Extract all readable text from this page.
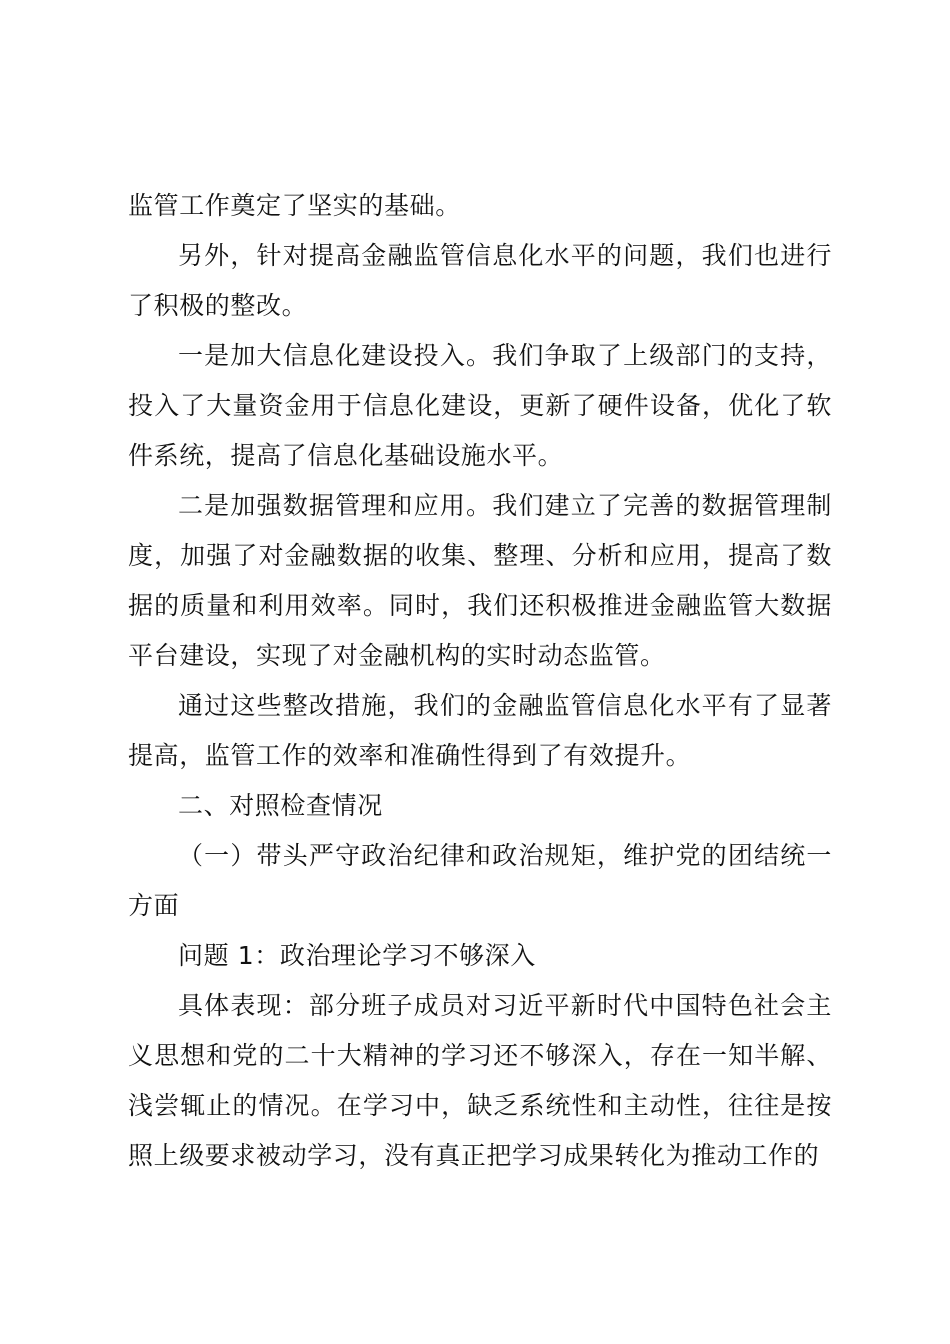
监管工作奠定了坚实的基础。

另外，针对提高金融监管信息化水平的问题，我们也进行了积极的整改。

一是加大信息化建设投入。我们争取了上级部门的支持，投入了大量资金用于信息化建设，更新了硬件设备，优化了软件系统，提高了信息化基础设施水平。

二是加强数据管理和应用。我们建立了完善的数据管理制度，加强了对金融数据的收集、整理、分析和应用，提高了数据的质量和利用效率。同时，我们还积极推进金融监管大数据平台建设，实现了对金融机构的实时动态监管。

通过这些整改措施，我们的金融监管信息化水平有了显著提高，监管工作的效率和准确性得到了有效提升。

二、对照检查情况

（一）带头严守政治纪律和政治规矩，维护党的团结统一方面

问题 1：政治理论学习不够深入

具体表现：部分班子成员对习近平新时代中国特色社会主义思想和党的二十大精神的学习还不够深入，存在一知半解、浅尝辄止的情况。在学习中，缺乏系统性和主动性，往往是按照上级要求被动学习，没有真正把学习成果转化为推动工作的
